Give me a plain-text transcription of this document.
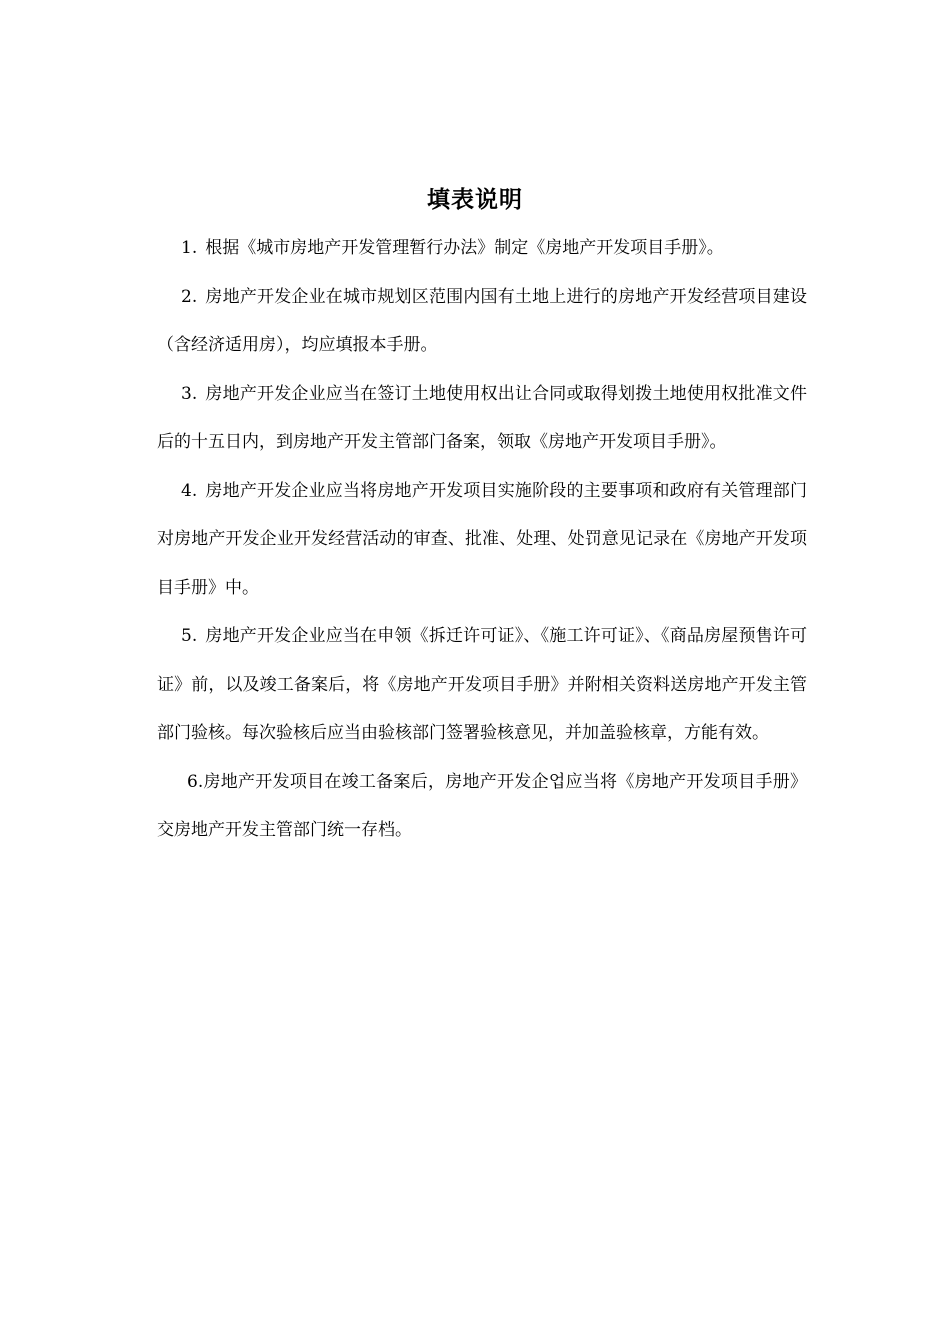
填表说明

1. 根据《城市房地产开发管理暂行办法》制定《房地产开发项目手册》。

2. 房地产开发企业在城市规划区范围内国有土地上进行的房地产开发经营项目建设（含经济适用房），均应填报本手册。

3. 房地产开发企业应当在签订土地使用权出让合同或取得划拨土地使用权批准文件后的十五日内，到房地产开发主管部门备案，领取《房地产开发项目手册》。

4. 房地产开发企业应当将房地产开发项目实施阶段的主要事项和政府有关管理部门对房地产开发企业开发经营活动的审查、批准、处理、处罚意见记录在《房地产开发项目手册》中。

5. 房地产开发企业应当在申领《拆迁许可证》、《施工许可证》、《商品房屋预售许可证》前，以及竣工备案后，将《房地产开发项目手册》并附相关资料送房地产开发主管部门验核。每次验核后应当由验核部门签署验核意见，并加盖验核章，方能有效。

6.房地产开发项目在竣工备案后，房地产开发企업应当将《房地产开发项目手册》交房地产开发主管部门统一存档。
